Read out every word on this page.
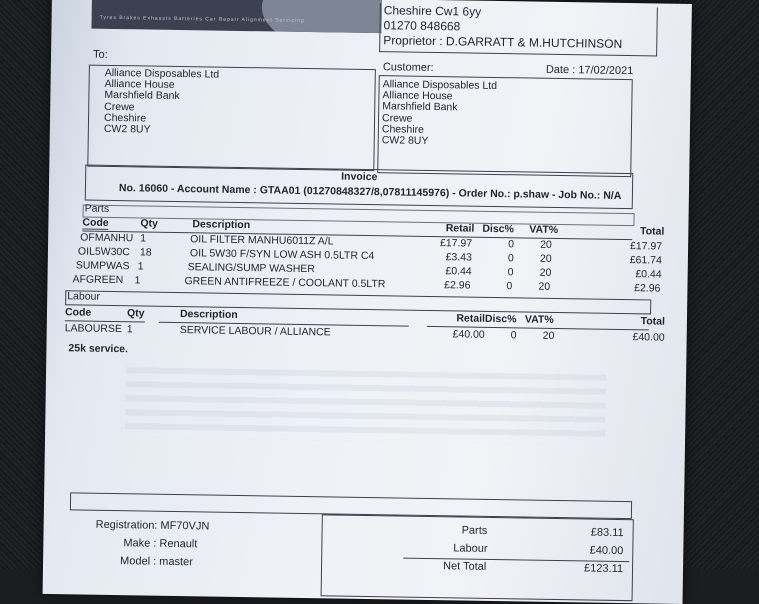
Tyres Brakes Exhausts Batteries Car Repair Alignment Servicing
Cheshire Cw1 6yy
01270 848668
Proprietor : D.GARRATT & M.HUTCHINSON
To:
Customer:	Date : 17/02/2021
Alliance Disposables Ltd
Alliance House
Marshfield Bank
Crewe
Cheshire
CW2 8UY
Alliance Disposables Ltd
Alliance House
Marshfield Bank
Crewe
Cheshire
CW2 8UY
Invoice
No. 16060 - Account Name : GTAA01 (01270848327/8,07811145976) - Order No.: p.shaw - Job No.: N/A
Parts
Code	Qty	Description	Retail Disc% VAT%	Total
OFMANHU 1	OIL FILTER MANHU6011Z A/L	£17.97	0 20	£17.97
OIL5W30C 18	OIL 5W30 F/SYN LOW ASH 0.5LTR C4	£3.43	0 20	£61.74
SUMPWAS 1	SEALING/SUMP WASHER	£0.44	0 20	£0.44
AFGREEN 1	GREEN ANTIFREEZE / COOLANT 0.5LTR	£2.96	0 20	£2.96
Labour
Code	Qty	Description	Retail Disc% VAT%	Total
LABOURSE 1	SERVICE LABOUR / ALLIANCE	£40.00 0 20	£40.00
25k service.
Registration: MF70VJN
Make : Renault
Model : master
Parts	£83.11
Labour	£40.00
Net Total	£123.11
